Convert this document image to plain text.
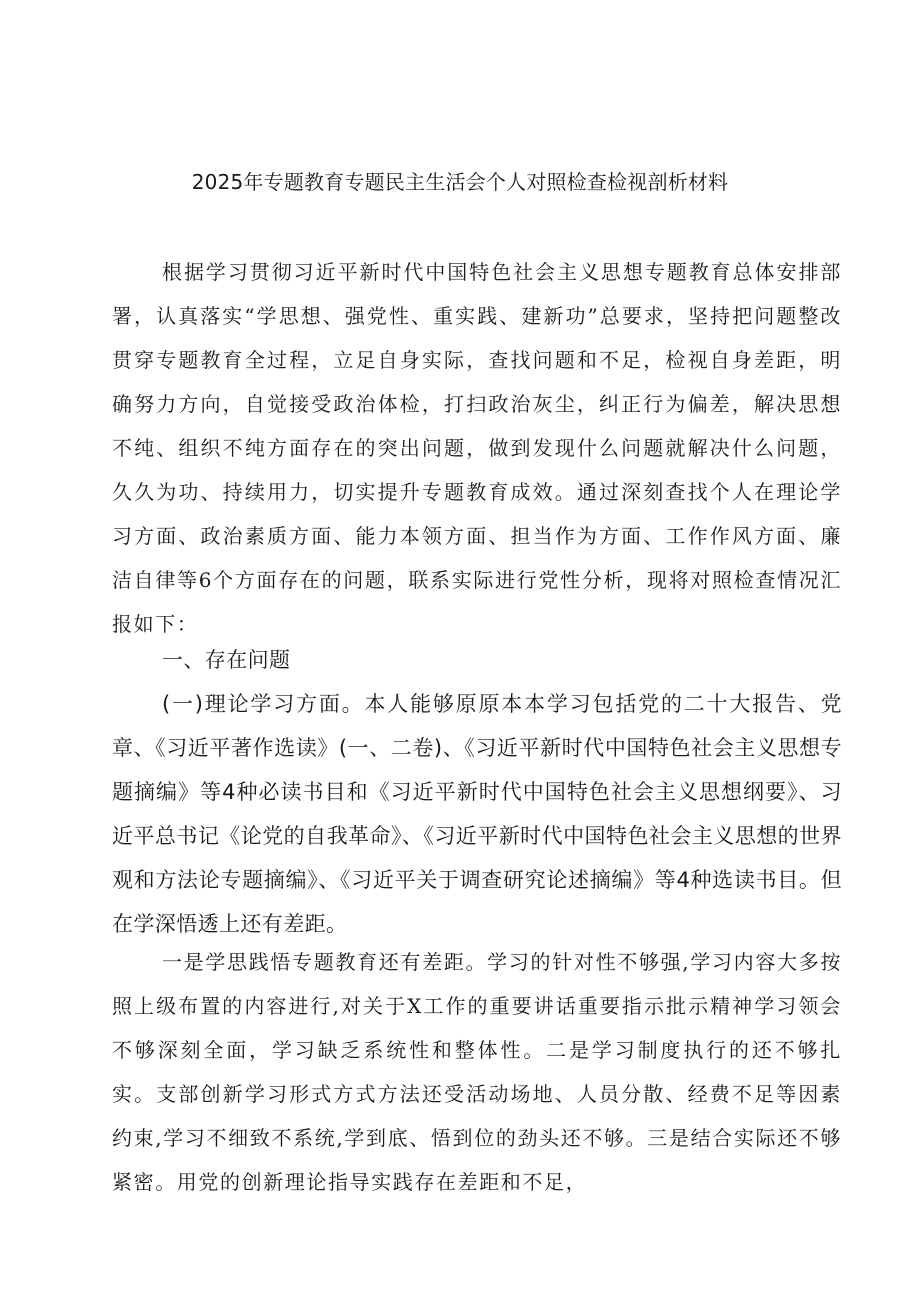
2025年专题教育专题民主生活会个人对照检查检视剖析材料

根据学习贯彻习近平新时代中国特色社会主义思想专题教育总体安排部署，认真落实“学思想、强党性、重实践、建新功”总要求，坚持把问题整改贯穿专题教育全过程，立足自身实际，查找问题和不足，检视自身差距，明确努力方向，自觉接受政治体检，打扫政治灰尘，纠正行为偏差，解决思想不纯、组织不纯方面存在的突出问题，做到发现什么问题就解决什么问题，久久为功、持续用力，切实提升专题教育成效。通过深刻查找个人在理论学习方面、政治素质方面、能力本领方面、担当作为方面、工作作风方面、廉洁自律等6个方面存在的问题，联系实际进行党性分析，现将对照检查情况汇报如下：

一、存在问题

(一)理论学习方面。本人能够原原本本学习包括党的二十大报告、党章、《习近平著作选读》(一、二卷)、《习近平新时代中国特色社会主义思想专题摘编》等4种必读书目和《习近平新时代中国特色社会主义思想纲要》、习近平总书记《论党的自我革命》、《习近平新时代中国特色社会主义思想的世界观和方法论专题摘编》、《习近平关于调查研究论述摘编》等4种选读书目。但在学深悟透上还有差距。

一是学思践悟专题教育还有差距。学习的针对性不够强,学习内容大多按照上级布置的内容进行,对关于X工作的重要讲话重要指示批示精神学习领会不够深刻全面，学习缺乏系统性和整体性。二是学习制度执行的还不够扎实。支部创新学习形式方式方法还受活动场地、人员分散、经费不足等因素约束,学习不细致不系统,学到底、悟到位的劲头还不够。三是结合实际还不够紧密。用党的创新理论指导实践存在差距和不足，
